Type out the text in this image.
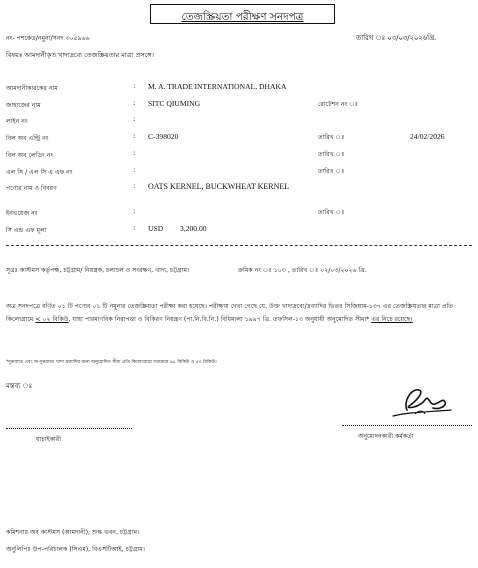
তেজস্ক্রিয়তা পরীক্ষণ সনদপত্র
নং- পশকেড/নমুনা/সনদ ৩০৫৯৬৬	তারিখ ঃ ০৩/০৩/২০২৬খ্রি.
বিষয়ঃ আমদানীকৃত খাদ্যদ্রব্যে তেজস্ক্রিয়তার মাত্রা প্রসঙ্গে।
আমদানীকারকের নাম	: M. A. TRADE INTERNATIONAL, DHAKA
জাহাজের নাম	: SITC QIUMING	রোটেশন নং ঃ
লাইন নং	:
বিল অব এন্ট্রি নং	: C-398020	তারিখ ঃ	24/02/2026
বিল অব লেডিং নং	:	তারিখ ঃ
এল সি / এল সি এ এফ নং	:	তারিখ ঃ
পণ্যের নাম ও বিবরণ	: OATS KERNEL, BUCKWHEAT KERNEL
ইনভয়েজ নং	:	তারিখ ঃ
সি এন্ড এফ মূল্য	: USD 3,200.00
সূত্রঃ কাস্টমস কর্তৃপক্ষ, চট্টগ্রাম/ নিয়ন্ত্রক, চলাচল ও সংরক্ষণ, খাদ্য, চট্টগ্রাম।	ক্রমিক নং ঃ ১০৩ , তারিখ ঃ ০২/০৩/২০২৬ খ্রি.
অত্র সনদপত্রে বর্ণিত ০১ টি পণ্যের ০১ টি নমুনার তেজস্ক্রিয়তা পরীক্ষা করা হয়েছে। পরীক্ষায় দেখা গেছে যে, উক্ত খাদ্যদ্রব্যে/দ্রব্যাদির ভিতর সিজিয়াম-১৩৭ এর তেজস্ক্রিয়তার মাত্রা প্রতি কিলোগ্রামে < ০২ বিকিউ, যাহা পারমাণবিক নিরাপত্তা ও বিকিরণ নিয়ন্ত্রণ (পা.নি.বি.নি.) বিধিমালা ১৯৯৭ খ্রি. তফসিল-১৩ অনুযায়ী অনুমোদিত সীমা* এর নিচে রয়েছে।
*দুগ্ধজাত এবং অ-দুগ্ধজাত খাদ্য দ্রব্যাদির জন্য অনুমোদিত সীমা প্রতি কিলোগ্রামে যথাক্রমে ৯৫ বিকিউ ও ৫০ বিকিউ।
মন্তব্য ঃ
যাচাইকারী	অনুমোদনকারী কর্মকর্তা
কমিশনার অব কাস্টমস (আমদানী), শুল্ক ভবন, চট্টগ্রাম।
অনুলিপিঃ উপ-পরিচালক (সিএম), বিএসটিআই, চট্টগ্রাম।
